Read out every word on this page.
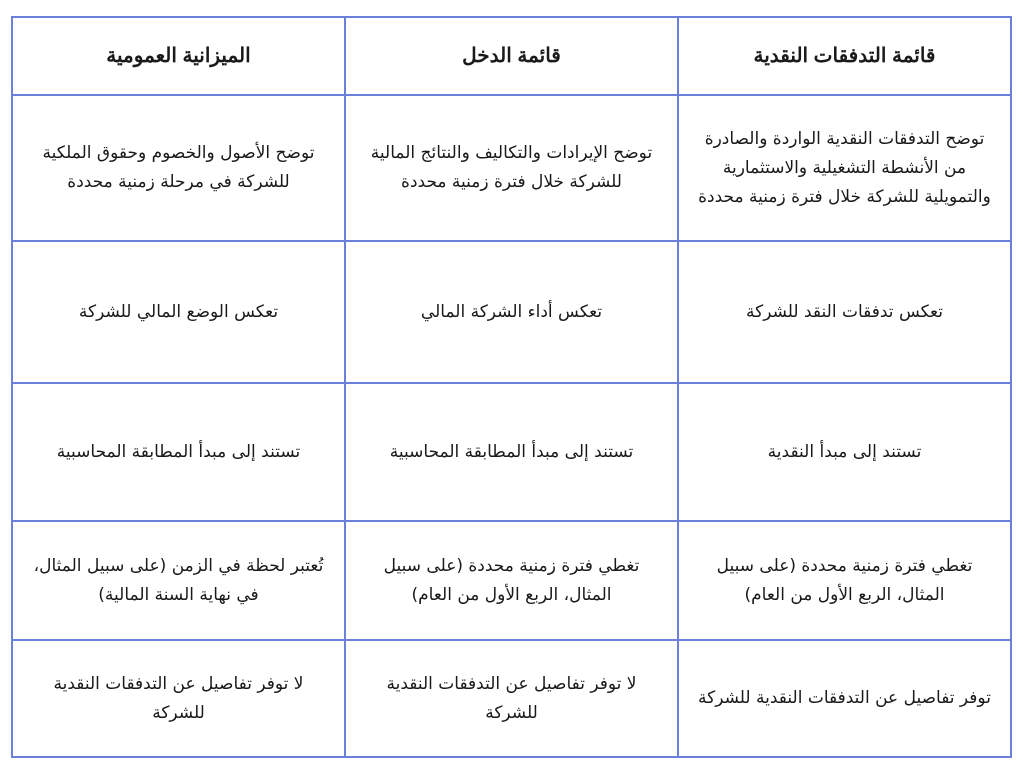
قائمة التدفقات النقدية	قائمة الدخل	الميزانية العمومية
توضح التدفقات النقدية الواردة والصادرة من الأنشطة التشغيلية والاستثمارية والتمويلية للشركة خلال فترة زمنية محددة	توضح الإيرادات والتكاليف والنتائج المالية للشركة خلال فترة زمنية محددة	توضح الأصول والخصوم وحقوق الملكية للشركة في مرحلة زمنية محددة
تعكس تدفقات النقد للشركة	تعكس أداء الشركة المالي	تعكس الوضع المالي للشركة
تستند إلى مبدأ النقدية	تستند إلى مبدأ المطابقة المحاسبية	تستند إلى مبدأ المطابقة المحاسبية
تغطي فترة زمنية محددة (على سبيل المثال، الربع الأول من العام)	تغطي فترة زمنية محددة (على سبيل المثال، الربع الأول من العام)	تُعتبر لحظة في الزمن (على سبيل المثال، في نهاية السنة المالية)
توفر تفاصيل عن التدفقات النقدية للشركة	لا توفر تفاصيل عن التدفقات النقدية للشركة	لا توفر تفاصيل عن التدفقات النقدية للشركة
